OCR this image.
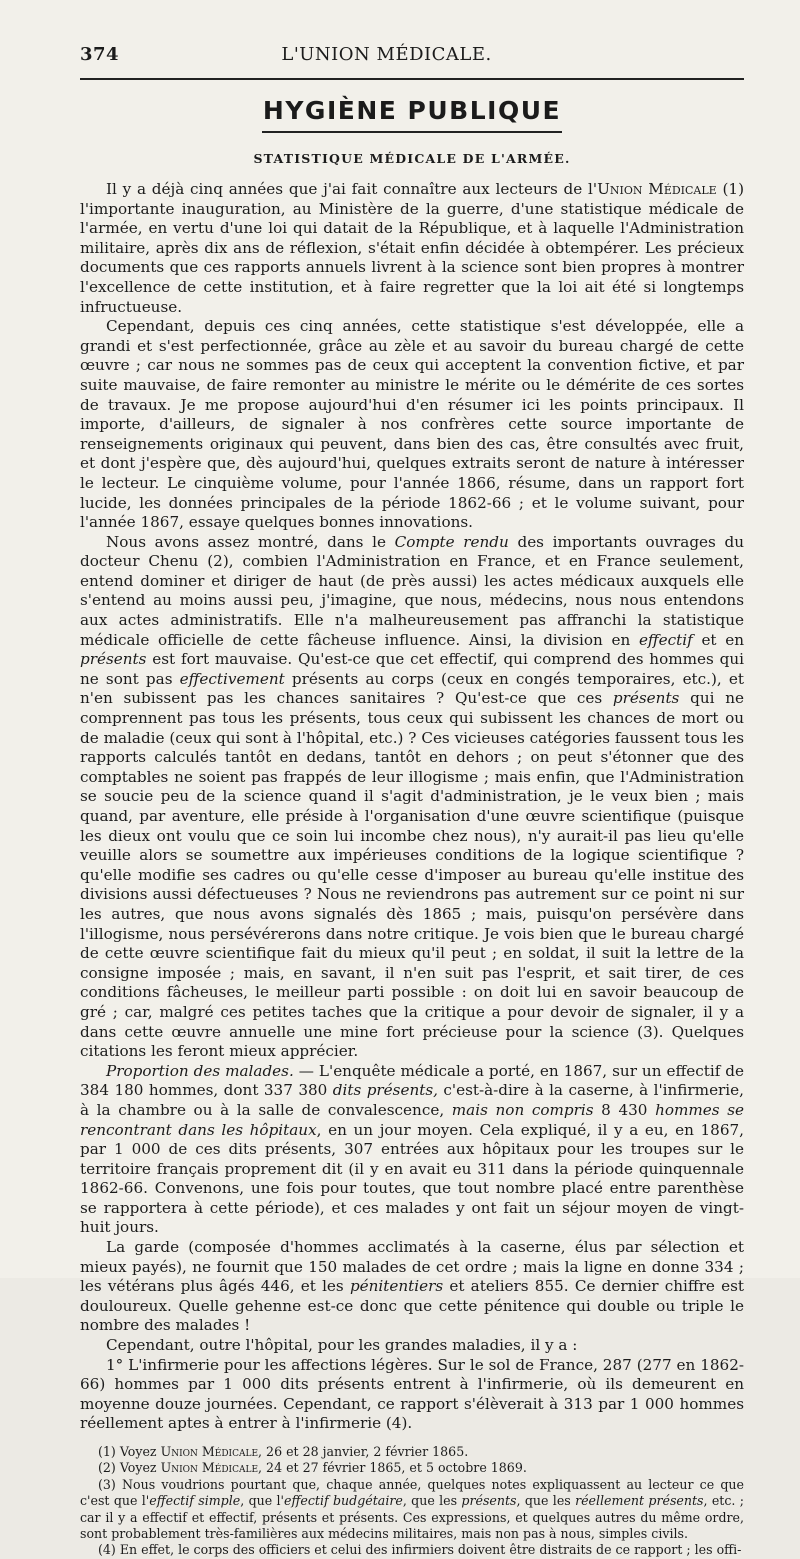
374	L'UNION MÉDICALE.
HYGIÈNE PUBLIQUE
STATISTIQUE MÉDICALE DE L'ARMÉE.

Il y a déjà cinq années que j'ai fait connaître aux lecteurs de l'Union Médicale (1) l'importante inauguration, au Ministère de la guerre, d'une statistique médicale de l'armée, en vertu d'une loi qui datait de la République, et à laquelle l'Administration militaire, après dix ans de réflexion, s'était enfin décidée à obtempérer. Les précieux documents que ces rapports annuels livrent à la science sont bien propres à montrer l'excellence de cette institution, et à faire regretter que la loi ait été si longtemps infructueuse.

Cependant, depuis ces cinq années, cette statistique s'est développée, elle a grandi et s'est perfectionnée, grâce au zèle et au savoir du bureau chargé de cette œuvre ; car nous ne sommes pas de ceux qui acceptent la convention fictive, et par suite mauvaise, de faire remonter au ministre le mérite ou le démérite de ces sortes de travaux. Je me propose aujourd'hui d'en résumer ici les points principaux. Il importe, d'ailleurs, de signaler à nos confrères cette source importante de renseignements originaux qui peuvent, dans bien des cas, être consultés avec fruit, et dont j'espère que, dès aujourd'hui, quelques extraits seront de nature à intéresser le lecteur. Le cinquième volume, pour l'année 1866, résume, dans un rapport fort lucide, les données principales de la période 1862-66 ; et le volume suivant, pour l'année 1867, essaye quelques bonnes innovations.

Nous avons assez montré, dans le Compte rendu des importants ouvrages du docteur Chenu (2), combien l'Administration en France, et en France seulement, entend dominer et diriger de haut (de près aussi) les actes médicaux auxquels elle s'entend au moins aussi peu, j'imagine, que nous, médecins, nous nous entendons aux actes administratifs. Elle n'a malheureusement pas affranchi la statistique médicale officielle de cette fâcheuse influence. Ainsi, la division en effectif et en présents est fort mauvaise. Qu'est-ce que cet effectif, qui comprend des hommes qui ne sont pas effectivement présents au corps (ceux en congés temporaires, etc.), et n'en subissent pas les chances sanitaires ? Qu'est-ce que ces présents qui ne comprennent pas tous les présents, tous ceux qui subissent les chances de mort ou de maladie (ceux qui sont à l'hôpital, etc.) ? Ces vicieuses catégories faussent tous les rapports calculés tantôt en dedans, tantôt en dehors ; on peut s'étonner que des comptables ne soient pas frappés de leur illogisme ; mais enfin, que l'Administration se soucie peu de la science quand il s'agit d'administration, je le veux bien ; mais quand, par aventure, elle préside à l'organisation d'une œuvre scientifique (puisque les dieux ont voulu que ce soin lui incombe chez nous), n'y aurait-il pas lieu qu'elle veuille alors se soumettre aux impérieuses conditions de la logique scientifique ? qu'elle modifie ses cadres ou qu'elle cesse d'imposer au bureau qu'elle institue des divisions aussi défectueuses ? Nous ne reviendrons pas autrement sur ce point ni sur les autres, que nous avons signalés dès 1865 ; mais, puisqu'on persévère dans l'illogisme, nous persévérerons dans notre critique. Je vois bien que le bureau chargé de cette œuvre scientifique fait du mieux qu'il peut ; en soldat, il suit la lettre de la consigne imposée ; mais, en savant, il n'en suit pas l'esprit, et sait tirer, de ces conditions fâcheuses, le meilleur parti possible : on doit lui en savoir beaucoup de gré ; car, malgré ces petites taches que la critique a pour devoir de signaler, il y a dans cette œuvre annuelle une mine fort précieuse pour la science (3). Quelques citations les feront mieux apprécier.

Proportion des malades. — L'enquête médicale a porté, en 1867, sur un effectif de 384 180 hommes, dont 337 380 dits présents, c'est-à-dire à la caserne, à l'infirmerie, à la chambre ou à la salle de convalescence, mais non compris 8 430 hommes se rencontrant dans les hôpitaux, en un jour moyen. Cela expliqué, il y a eu, en 1867, par 1 000 de ces dits présents, 307 entrées aux hôpitaux pour les troupes sur le territoire français proprement dit (il y en avait eu 311 dans la période quinquennale 1862-66. Convenons, une fois pour toutes, que tout nombre placé entre parenthèse se rapportera à cette période), et ces malades y ont fait un séjour moyen de vingt-huit jours.

La garde (composée d'hommes acclimatés à la caserne, élus par sélection et mieux payés), ne fournit que 150 malades de cet ordre ; mais la ligne en donne 334 ; les vétérans plus âgés 446, et les pénitentiers et ateliers 855. Ce dernier chiffre est douloureux. Quelle gehenne est-ce donc que cette pénitence qui double ou triple le nombre des malades !

Cependant, outre l'hôpital, pour les grandes maladies, il y a :

1° L'infirmerie pour les affections légères. Sur le sol de France, 287 (277 en 1862-66) hommes par 1 000 dits présents entrent à l'infirmerie, où ils demeurent en moyenne douze journées. Cependant, ce rapport s'élèverait à 313 par 1 000 hommes réellement aptes à entrer à l'infirmerie (4).

(1) Voyez Union Médicale, 26 et 28 janvier, 2 février 1865.

(2) Voyez Union Médicale, 24 et 27 février 1865, et 5 octobre 1869.

(3) Nous voudrions pourtant que, chaque année, quelques notes expliquassent au lecteur ce que c'est que l'effectif simple, que l'effectif budgétaire, que les présents, que les réellement présents, etc. ; car il y a effectif et effectif, présents et présents. Ces expressions, et quelques autres du même ordre, sont probablement très-familières aux médecins militaires, mais non pas à nous, simples civils.

(4) En effet, le corps des officiers et celui des infirmiers doivent être distraits de ce rapport ; les offi-
